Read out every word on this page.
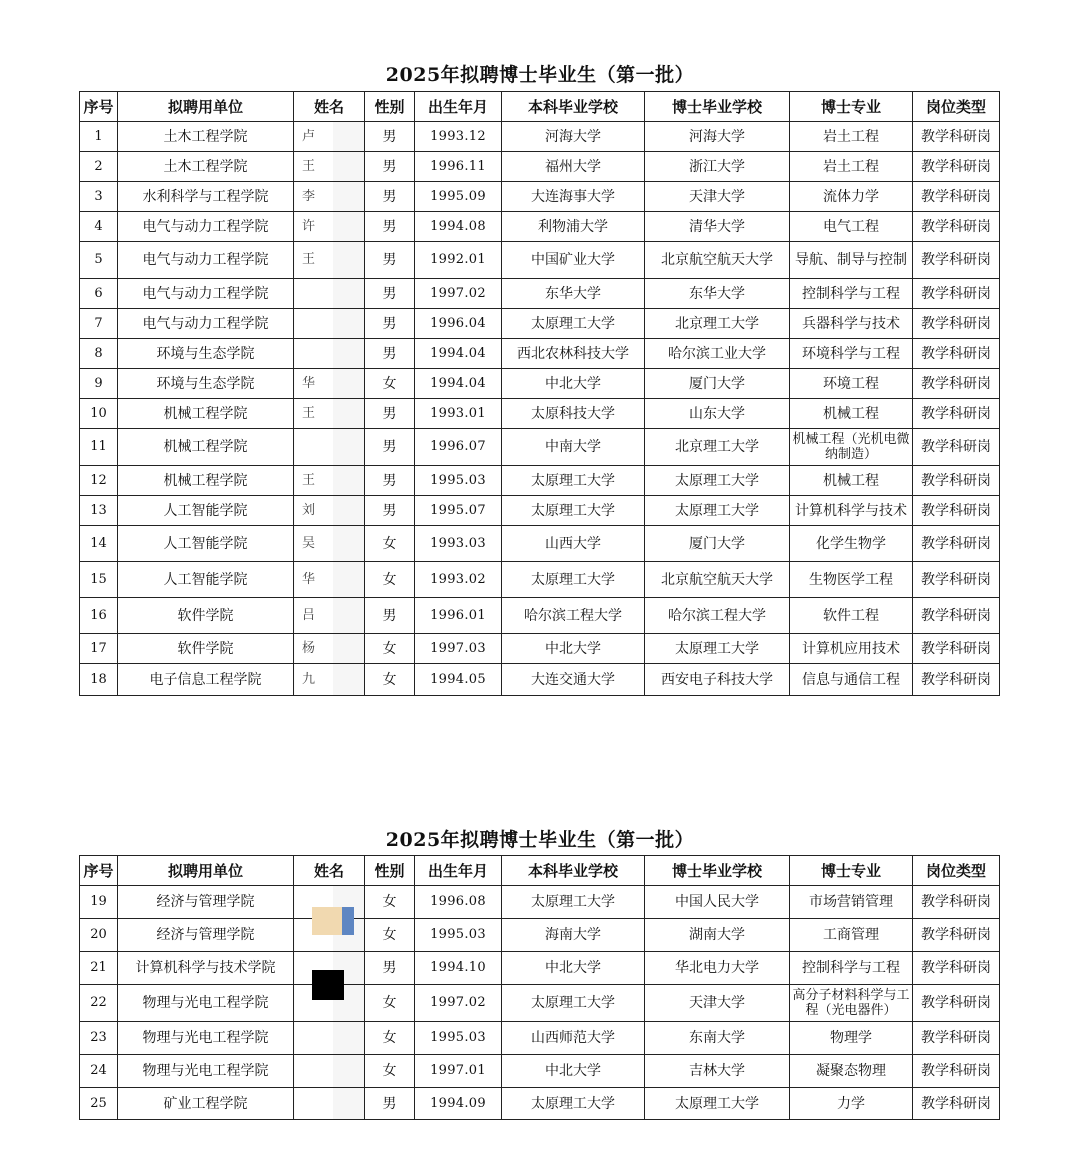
2025年拟聘博士毕业生（第一批）
序号	拟聘用单位	姓名	性别	出生年月	本科毕业学校	博士毕业学校	博士专业	岗位类型
1	土木工程学院	卢	男	1993.12	河海大学	河海大学	岩土工程	教学科研岗
2	土木工程学院	王	男	1996.11	福州大学	浙江大学	岩土工程	教学科研岗
3	水利科学与工程学院	李	男	1995.09	大连海事大学	天津大学	流体力学	教学科研岗
4	电气与动力工程学院	许	男	1994.08	利物浦大学	清华大学	电气工程	教学科研岗
5	电气与动力工程学院	王	男	1992.01	中国矿业大学	北京航空航天大学	导航、制导与控制	教学科研岗
6	电气与动力工程学院		男	1997.02	东华大学	东华大学	控制科学与工程	教学科研岗
7	电气与动力工程学院		男	1996.04	太原理工大学	北京理工大学	兵器科学与技术	教学科研岗
8	环境与生态学院		男	1994.04	西北农林科技大学	哈尔滨工业大学	环境科学与工程	教学科研岗
9	环境与生态学院	华	女	1994.04	中北大学	厦门大学	环境工程	教学科研岗
10	机械工程学院	王	男	1993.01	太原科技大学	山东大学	机械工程	教学科研岗
11	机械工程学院		男	1996.07	中南大学	北京理工大学	机械工程（光机电微纳制造）	教学科研岗
12	机械工程学院	王	男	1995.03	太原理工大学	太原理工大学	机械工程	教学科研岗
13	人工智能学院	刘	男	1995.07	太原理工大学	太原理工大学	计算机科学与技术	教学科研岗
14	人工智能学院	吴	女	1993.03	山西大学	厦门大学	化学生物学	教学科研岗
15	人工智能学院	华	女	1993.02	太原理工大学	北京航空航天大学	生物医学工程	教学科研岗
16	软件学院	吕	男	1996.01	哈尔滨工程大学	哈尔滨工程大学	软件工程	教学科研岗
17	软件学院	杨	女	1997.03	中北大学	太原理工大学	计算机应用技术	教学科研岗
18	电子信息工程学院	九	女	1994.05	大连交通大学	西安电子科技大学	信息与通信工程	教学科研岗
2025年拟聘博士毕业生（第一批）
序号	拟聘用单位	姓名	性别	出生年月	本科毕业学校	博士毕业学校	博士专业	岗位类型
19	经济与管理学院		女	1996.08	太原理工大学	中国人民大学	市场营销管理	教学科研岗
20	经济与管理学院		女	1995.03	海南大学	湖南大学	工商管理	教学科研岗
21	计算机科学与技术学院		男	1994.10	中北大学	华北电力大学	控制科学与工程	教学科研岗
22	物理与光电工程学院		女	1997.02	太原理工大学	天津大学	高分子材料科学与工程（光电器件）	教学科研岗
23	物理与光电工程学院		女	1995.03	山西师范大学	东南大学	物理学	教学科研岗
24	物理与光电工程学院		女	1997.01	中北大学	吉林大学	凝聚态物理	教学科研岗
25	矿业工程学院		男	1994.09	太原理工大学	太原理工大学	力学	教学科研岗
